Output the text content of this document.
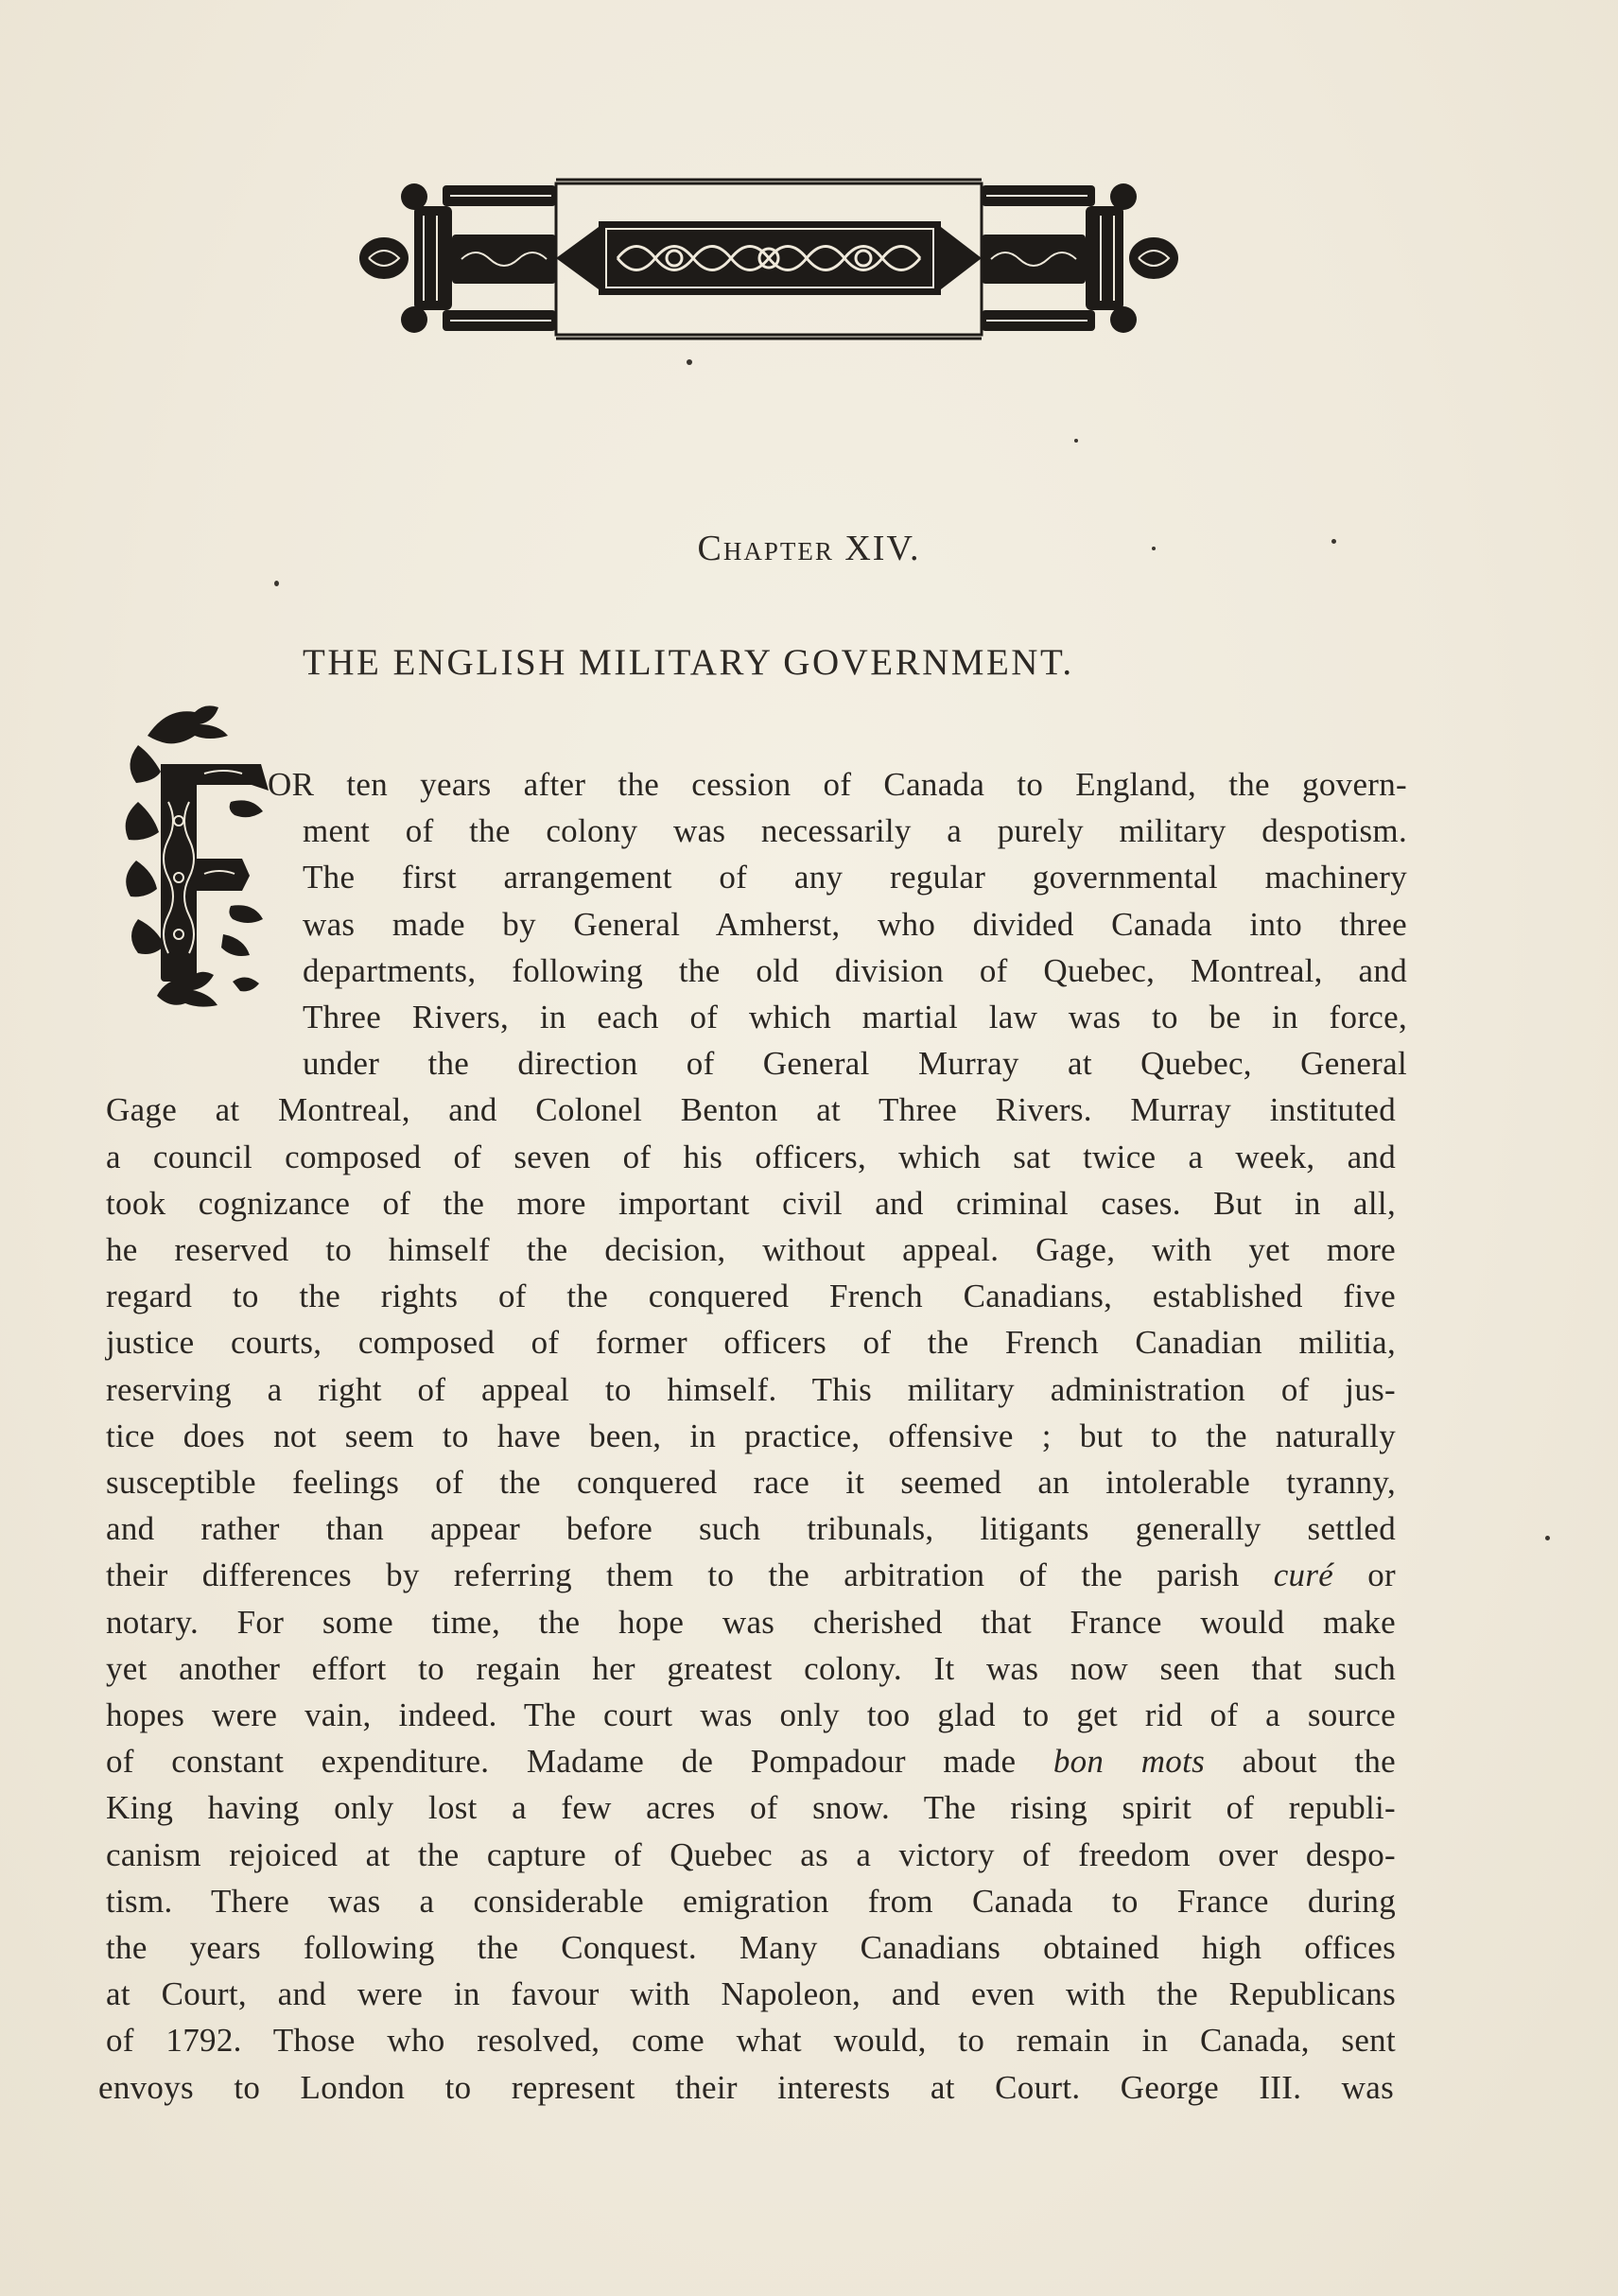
Chapter XIV.
THE ENGLISH MILITARY GOVERNMENT.
OR ten years after the cession of Canada to England, the govern-
ment of the colony was necessarily a purely military despotism.
The first arrangement of any regular governmental machinery
was made by General Amherst, who divided Canada into three
departments, following the old division of Quebec, Montreal, and
Three Rivers, in each of which martial law was to be in force,
under the direction of General Murray at Quebec, General
Gage at Montreal, and Colonel Benton at Three Rivers. Murray instituted
a council composed of seven of his officers, which sat twice a week, and
took cognizance of the more important civil and criminal cases. But in all,
he reserved to himself the decision, without appeal. Gage, with yet more
regard to the rights of the conquered French Canadians, established five
justice courts, composed of former officers of the French Canadian militia,
reserving a right of appeal to himself. This military administration of jus-
tice does not seem to have been, in practice, offensive ; but to the naturally
susceptible feelings of the conquered race it seemed an intolerable tyranny,
and rather than appear before such tribunals, litigants generally settled
their differences by referring them to the arbitration of the parish curé or
notary. For some time, the hope was cherished that France would make
yet another effort to regain her greatest colony. It was now seen that such
hopes were vain, indeed. The court was only too glad to get rid of a source
of constant expenditure. Madame de Pompadour made bon mots about the
King having only lost a few acres of snow. The rising spirit of republi-
canism rejoiced at the capture of Quebec as a victory of freedom over despo-
tism. There was a considerable emigration from Canada to France during
the years following the Conquest. Many Canadians obtained high offices
at Court, and were in favour with Napoleon, and even with the Republicans
of 1792. Those who resolved, come what would, to remain in Canada, sent
envoys to London to represent their interests at Court. George III. was
